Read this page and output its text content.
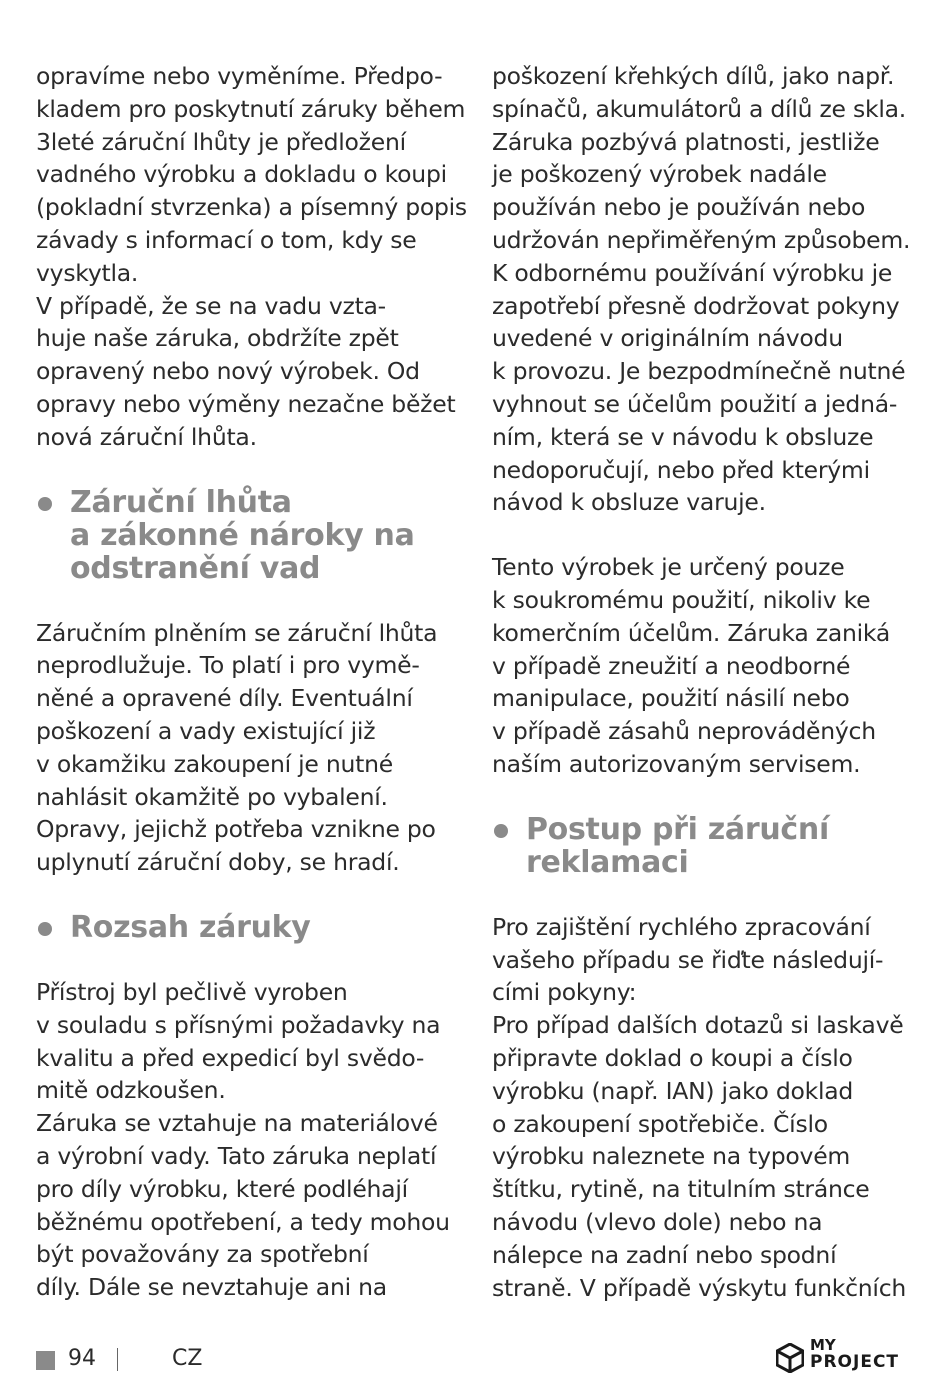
opravíme nebo vyměníme. Předpo-
kladem pro poskytnutí záruky během
3leté záruční lhůty je předložení
vadného výrobku a dokladu o koupi
(pokladní stvrzenka) a písemný popis
závady s informací o tom, kdy se
vyskytla.
V případě, že se na vadu vzta-
huje naše záruka, obdržíte zpět
opravený nebo nový výrobek. Od
opravy nebo výměny nezačne běžet
nová záruční lhůta.
Záruční lhůta
a zákonné nároky na
odstranění vad
Záručním plněním se záruční lhůta
neprodlužuje. To platí i pro vymě-
něné a opravené díly. Eventuální
poškození a vady existující již
v okamžiku zakoupení je nutné
nahlásit okamžitě po vybalení.
Opravy, jejichž potřeba vznikne po
uplynutí záruční doby, se hradí.
Rozsah záruky
Přístroj byl pečlivě vyroben
v souladu s přísnými požadavky na
kvalitu a před expedicí byl svědo-
mitě odzkoušen.
Záruka se vztahuje na materiálové
a výrobní vady. Tato záruka neplatí
pro díly výrobku, které podléhají
běžnému opotřebení, a tedy mohou
být považovány za spotřební
díly. Dále se nevztahuje ani na
poškození křehkých dílů, jako např.
spínačů, akumulátorů a dílů ze skla.
Záruka pozbývá platnosti, jestliže
je poškozený výrobek nadále
používán nebo je používán nebo
udržován nepřiměřeným způsobem.
K odbornému používání výrobku je
zapotřebí přesně dodržovat pokyny
uvedené v originálním návodu
k provozu. Je bezpodmínečně nutné
vyhnout se účelům použití a jedná-
ním, která se v návodu k obsluze
nedoporučují, nebo před kterými
návod k obsluze varuje.
Tento výrobek je určený pouze
k soukromému použití, nikoliv ke
komerčním účelům. Záruka zaniká
v případě zneužití a neodborné
manipulace, použití násilí nebo
v případě zásahů neprováděných
naším autorizovaným servisem.
Postup při záruční
reklamaci
Pro zajištění rychlého zpracování
vašeho případu se řiďte následují-
cími pokyny:
Pro případ dalších dotazů si laskavě
připravte doklad o koupi a číslo
výrobku (např. IAN) jako doklad
o zakoupení spotřebiče. Číslo
výrobku naleznete na typovém
štítku, rytině, na titulním stránce
návodu (vlevo dole) nebo na
nálepce na zadní nebo spodní
straně. V případě výskytu funkčních
94	CZ
MY
PROJECT
